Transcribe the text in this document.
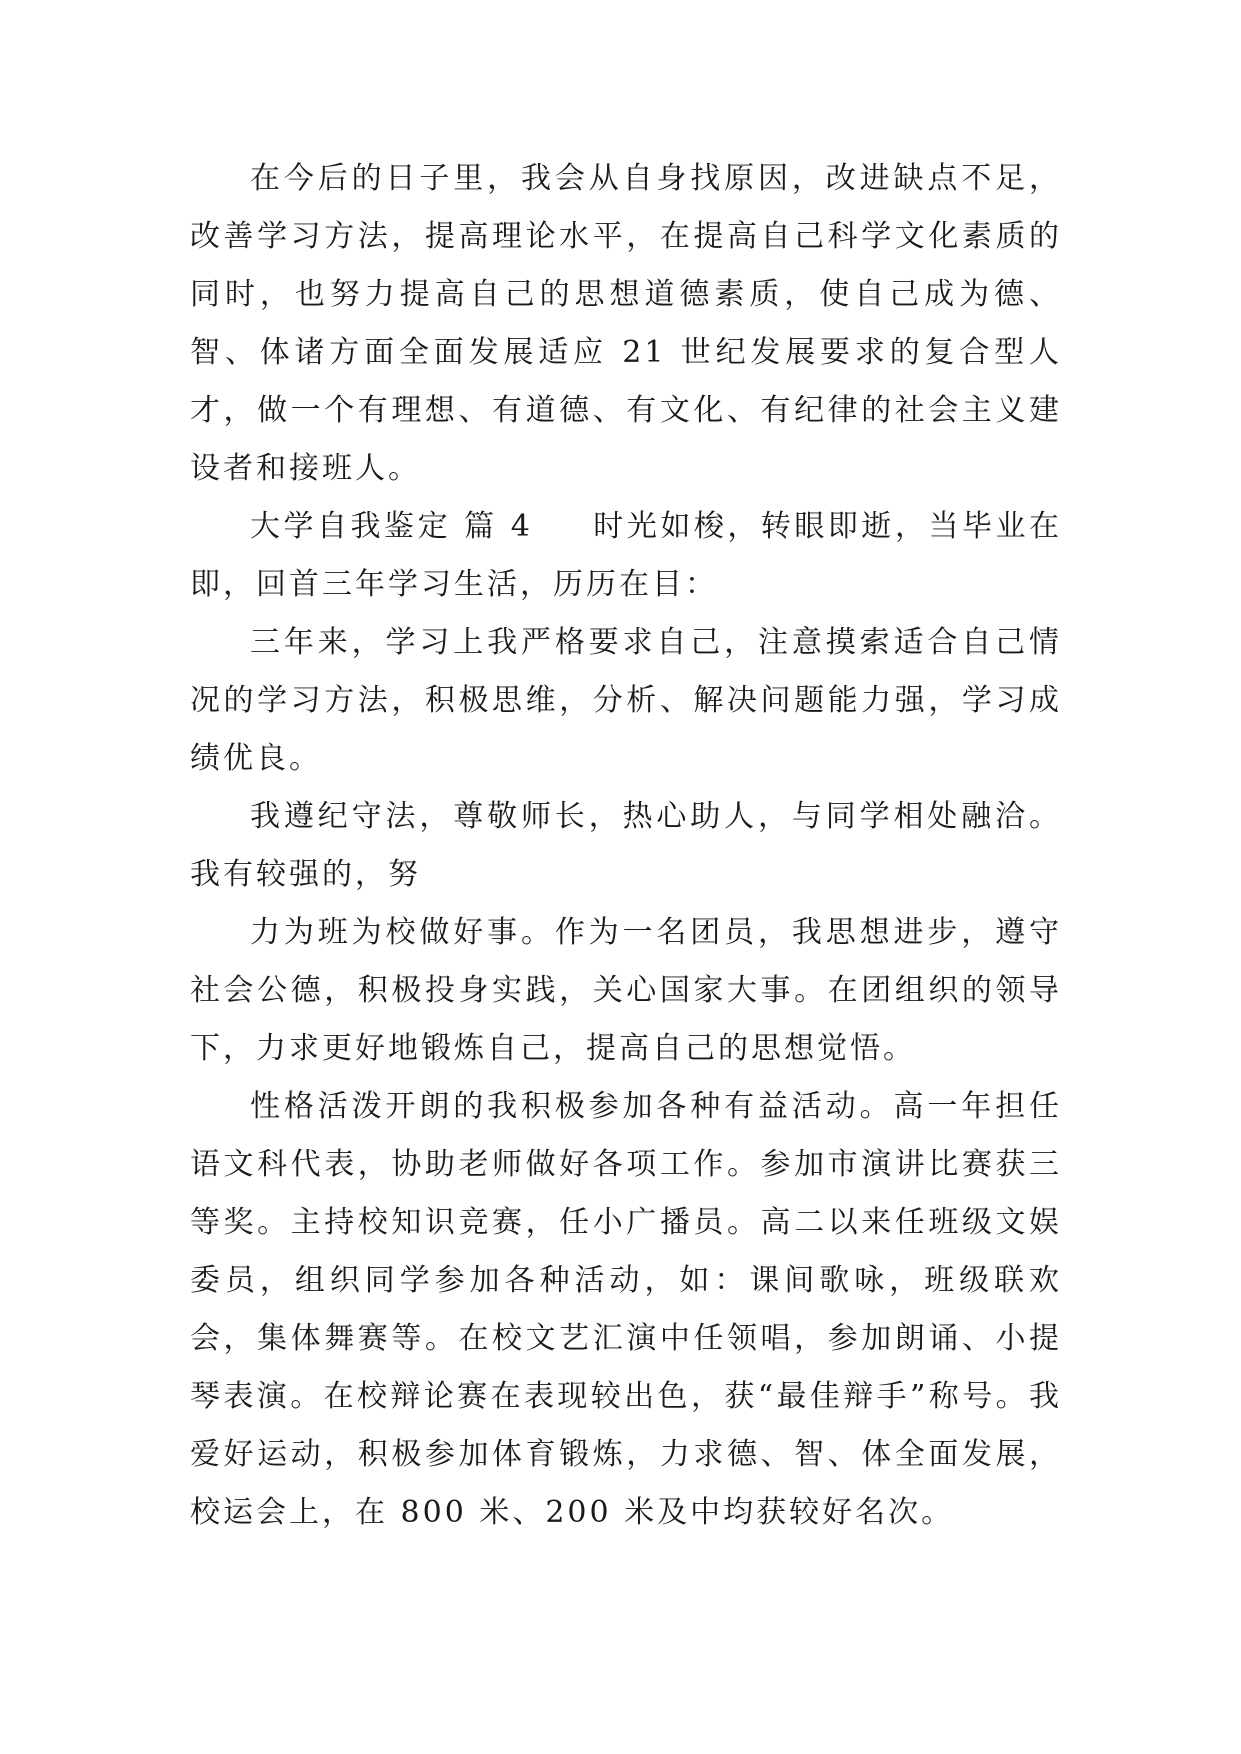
在今后的日子里，我会从自身找原因，改进缺点不足，改善学习方法，提高理论水平，在提高自己科学文化素质的同时，也努力提高自己的思想道德素质，使自己成为德、智、体诸方面全面发展适应 21 世纪发展要求的复合型人才，做一个有理想、有道德、有文化、有纪律的社会主义建设者和接班人。

大学自我鉴定 篇 4 时光如梭，转眼即逝，当毕业在即，回首三年学习生活，历历在目：

三年来，学习上我严格要求自己，注意摸索适合自己情况的学习方法，积极思维，分析、解决问题能力强，学习成绩优良。

我遵纪守法，尊敬师长，热心助人，与同学相处融洽。我有较强的，努

力为班为校做好事。作为一名团员，我思想进步，遵守社会公德，积极投身实践，关心国家大事。在团组织的领导下，力求更好地锻炼自己，提高自己的思想觉悟。

性格活泼开朗的我积极参加各种有益活动。高一年担任语文科代表，协助老师做好各项工作。参加市演讲比赛获三等奖。主持校知识竞赛，任小广播员。高二以来任班级文娱委员，组织同学参加各种活动，如：课间歌咏，班级联欢会，集体舞赛等。在校文艺汇演中任领唱，参加朗诵、小提琴表演。在校辩论赛在表现较出色，获“最佳辩手”称号。我爱好运动，积极参加体育锻炼，力求德、智、体全面发展，校运会上，在 800 米、200 米及中均获较好名次。
